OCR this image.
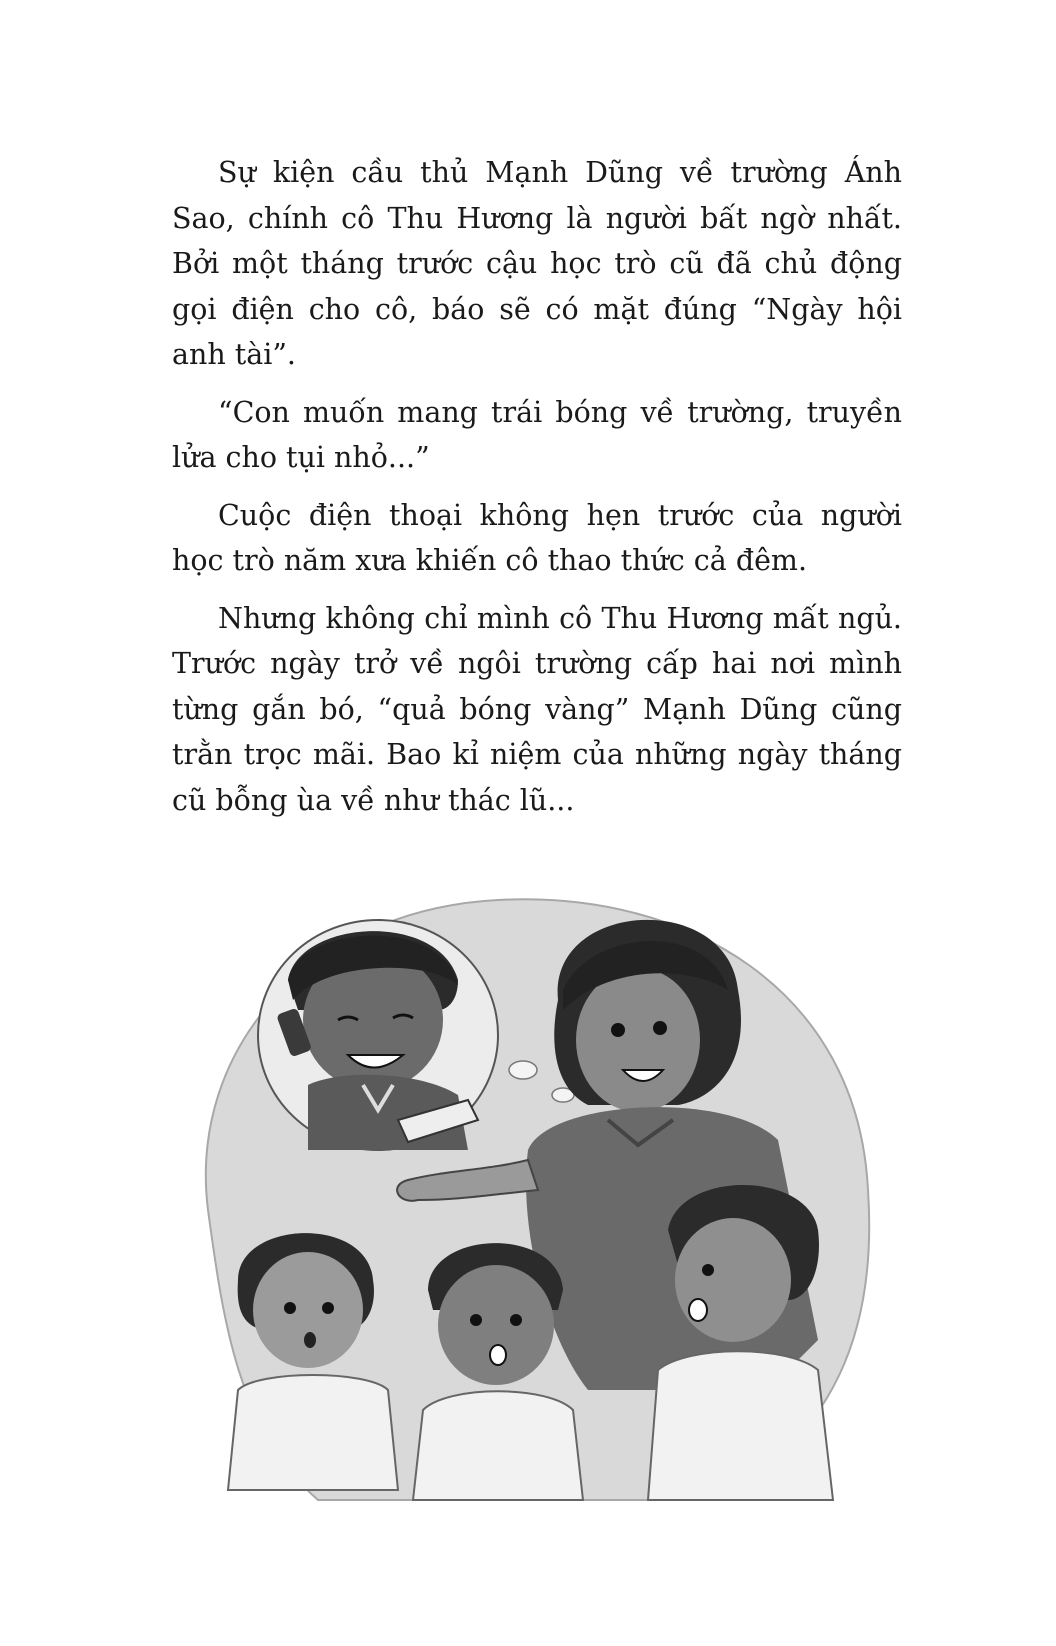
Sự kiện cầu thủ Mạnh Dũng về trường Ánh Sao, chính cô Thu Hương là người bất ngờ nhất. Bởi một tháng trước cậu học trò cũ đã chủ động gọi điện cho cô, báo sẽ có mặt đúng “Ngày hội anh tài”.

“Con muốn mang trái bóng về trường, truyền lửa cho tụi nhỏ...”

Cuộc điện thoại không hẹn trước của người học trò năm xưa khiến cô thao thức cả đêm.

Nhưng không chỉ mình cô Thu Hương mất ngủ. Trước ngày trở về ngôi trường cấp hai nơi mình từng gắn bó, “quả bóng vàng” Mạnh Dũng cũng trằn trọc mãi. Bao kỉ niệm của những ngày tháng cũ bỗng ùa về như thác lũ...
